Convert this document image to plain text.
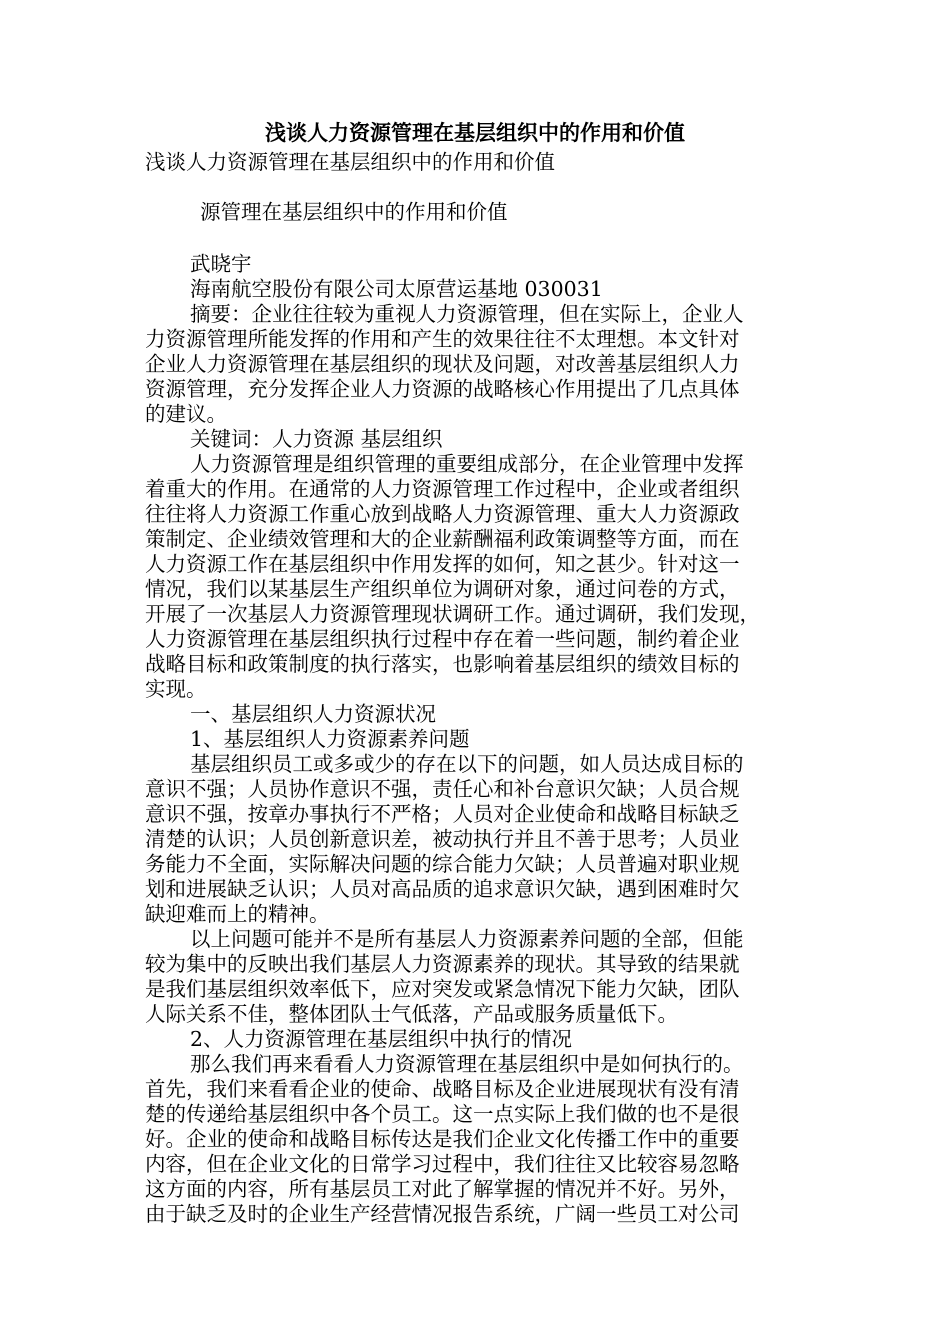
浅谈人力资源管理在基层组织中的作用和价值

浅谈人力资源管理在基层组织中的作用和价值

源管理在基层组织中的作用和价值

武晓宇

海南航空股份有限公司太原营运基地 030031

摘要：企业往往较为重视人力资源管理，但在实际上，企业人

力资源管理所能发挥的作用和产生的效果往往不太理想。本文针对

企业人力资源管理在基层组织的现状及问题，对改善基层组织人力

资源管理，充分发挥企业人力资源的战略核心作用提出了几点具体

的建议。

关键词：人力资源 基层组织

人力资源管理是组织管理的重要组成部分，在企业管理中发挥

着重大的作用。在通常的人力资源管理工作过程中，企业或者组织

往往将人力资源工作重心放到战略人力资源管理、重大人力资源政

策制定、企业绩效管理和大的企业薪酬福利政策调整等方面，而在

人力资源工作在基层组织中作用发挥的如何，知之甚少。针对这一

情况，我们以某基层生产组织单位为调研对象，通过问卷的方式，

开展了一次基层人力资源管理现状调研工作。通过调研，我们发现，

人力资源管理在基层组织执行过程中存在着一些问题，制约着企业

战略目标和政策制度的执行落实，也影响着基层组织的绩效目标的

实现。

一、基层组织人力资源状况

1、基层组织人力资源素养问题

基层组织员工或多或少的存在以下的问题，如人员达成目标的

意识不强；人员协作意识不强，责任心和补台意识欠缺；人员合规

意识不强，按章办事执行不严格；人员对企业使命和战略目标缺乏

清楚的认识；人员创新意识差，被动执行并且不善于思考；人员业

务能力不全面，实际解决问题的综合能力欠缺；人员普遍对职业规

划和进展缺乏认识；人员对高品质的追求意识欠缺，遇到困难时欠

缺迎难而上的精神。

以上问题可能并不是所有基层人力资源素养问题的全部，但能

较为集中的反映出我们基层人力资源素养的现状。其导致的结果就

是我们基层组织效率低下，应对突发或紧急情况下能力欠缺，团队

人际关系不佳，整体团队士气低落，产品或服务质量低下。

2、人力资源管理在基层组织中执行的情况

那么我们再来看看人力资源管理在基层组织中是如何执行的。

首先，我们来看看企业的使命、战略目标及企业进展现状有没有清

楚的传递给基层组织中各个员工。这一点实际上我们做的也不是很

好。企业的使命和战略目标传达是我们企业文化传播工作中的重要

内容，但在企业文化的日常学习过程中，我们往往又比较容易忽略

这方面的内容，所有基层员工对此了解掌握的情况并不好。另外，

由于缺乏及时的企业生产经营情况报告系统，广阔一些员工对公司
